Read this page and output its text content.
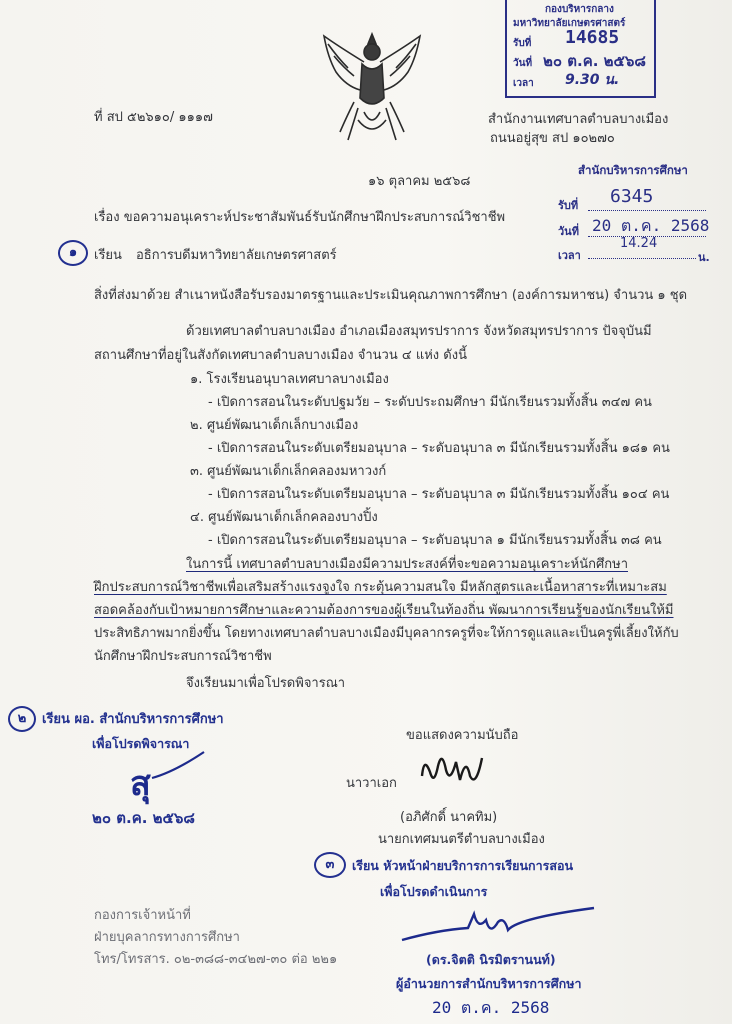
กองบริหารกลาง
มหาวิทยาลัยเกษตรศาสตร์
รับที่ 14685
วันที่ ๒๐ ต.ค. ๒๕๖๘
เวลา 9.30 น.
ที่ สป ๕๒๖๑๐/ ๑๑๑๗	สำนักงานเทศบาลตำบลบางเมือง
ถนนอยู่สุข สป ๑๐๒๗๐
๑๖ ตุลาคม ๒๕๖๘
สำนักบริหารการศึกษา
รับที่ 6345
วันที่ 20 ต.ค. 2568
เวลา
14.24
น.
เรื่อง ขอความอนุเคราะห์ประชาสัมพันธ์รับนักศึกษาฝึกประสบการณ์วิชาชีพ
๑	เรียน อธิการบดีมหาวิทยาลัยเกษตรศาสตร์
สิ่งที่ส่งมาด้วย สำเนาหนังสือรับรองมาตรฐานและประเมินคุณภาพการศึกษา (องค์การมหาชน) จำนวน ๑ ชุด
ด้วยเทศบาลตำบลบางเมือง อำเภอเมืองสมุทรปราการ จังหวัดสมุทรปราการ ปัจจุบันมี
สถานศึกษาที่อยู่ในสังกัดเทศบาลตำบลบางเมือง จำนวน ๔ แห่ง ดังนี้
๑. โรงเรียนอนุบาลเทศบาลบางเมือง
- เปิดการสอนในระดับปฐมวัย – ระดับประถมศึกษา มีนักเรียนรวมทั้งสิ้น ๓๔๗ คน
๒. ศูนย์พัฒนาเด็กเล็กบางเมือง
- เปิดการสอนในระดับเตรียมอนุบาล – ระดับอนุบาล ๓ มีนักเรียนรวมทั้งสิ้น ๑๘๑ คน
๓. ศูนย์พัฒนาเด็กเล็กคลองมหาวงก์
- เปิดการสอนในระดับเตรียมอนุบาล – ระดับอนุบาล ๓ มีนักเรียนรวมทั้งสิ้น ๑๐๔ คน
๔. ศูนย์พัฒนาเด็กเล็กคลองบางปิ้ง
- เปิดการสอนในระดับเตรียมอนุบาล – ระดับอนุบาล ๑ มีนักเรียนรวมทั้งสิ้น ๓๘ คน
ในการนี้ เทศบาลตำบลบางเมืองมีความประสงค์ที่จะขอความอนุเคราะห์นักศึกษา
ฝึกประสบการณ์วิชาชีพเพื่อเสริมสร้างแรงจูงใจ กระตุ้นความสนใจ มีหลักสูตรและเนื้อหาสาระที่เหมาะสม
สอดคล้องกับเป้าหมายการศึกษาและความต้องการของผู้เรียนในท้องถิ่น พัฒนาการเรียนรู้ของนักเรียนให้มี
ประสิทธิภาพมากยิ่งขึ้น โดยทางเทศบาลตำบลบางเมืองมีบุคลากรครูที่จะให้การดูแลและเป็นครูพี่เลี้ยงให้กับ
นักศึกษาฝึกประสบการณ์วิชาชีพ
จึงเรียนมาเพื่อโปรดพิจารณา
๒	เรียน ผอ. สำนักบริหารการศึกษา
เพื่อโปรดพิจารณา
สุ
๒๐ ต.ค. ๒๕๖๘
ขอแสดงความนับถือ
นาวาเอก
(อภิศักดิ์ นาคทิม)
นายกเทศมนตรีตำบลบางเมือง
๓	เรียน หัวหน้าฝ่ายบริการการเรียนการสอน
เพื่อโปรดดำเนินการ
(ดร.จิตติ นิรมิตรานนท์)
ผู้อำนวยการสำนักบริหารการศึกษา
20 ต.ค. 2568
กองการเจ้าหน้าที่
ฝ่ายบุคลากรทางการศึกษา
โทร/โทรสาร. ๐๒-๓๘๘-๓๔๒๗-๓๐ ต่อ ๒๒๑
